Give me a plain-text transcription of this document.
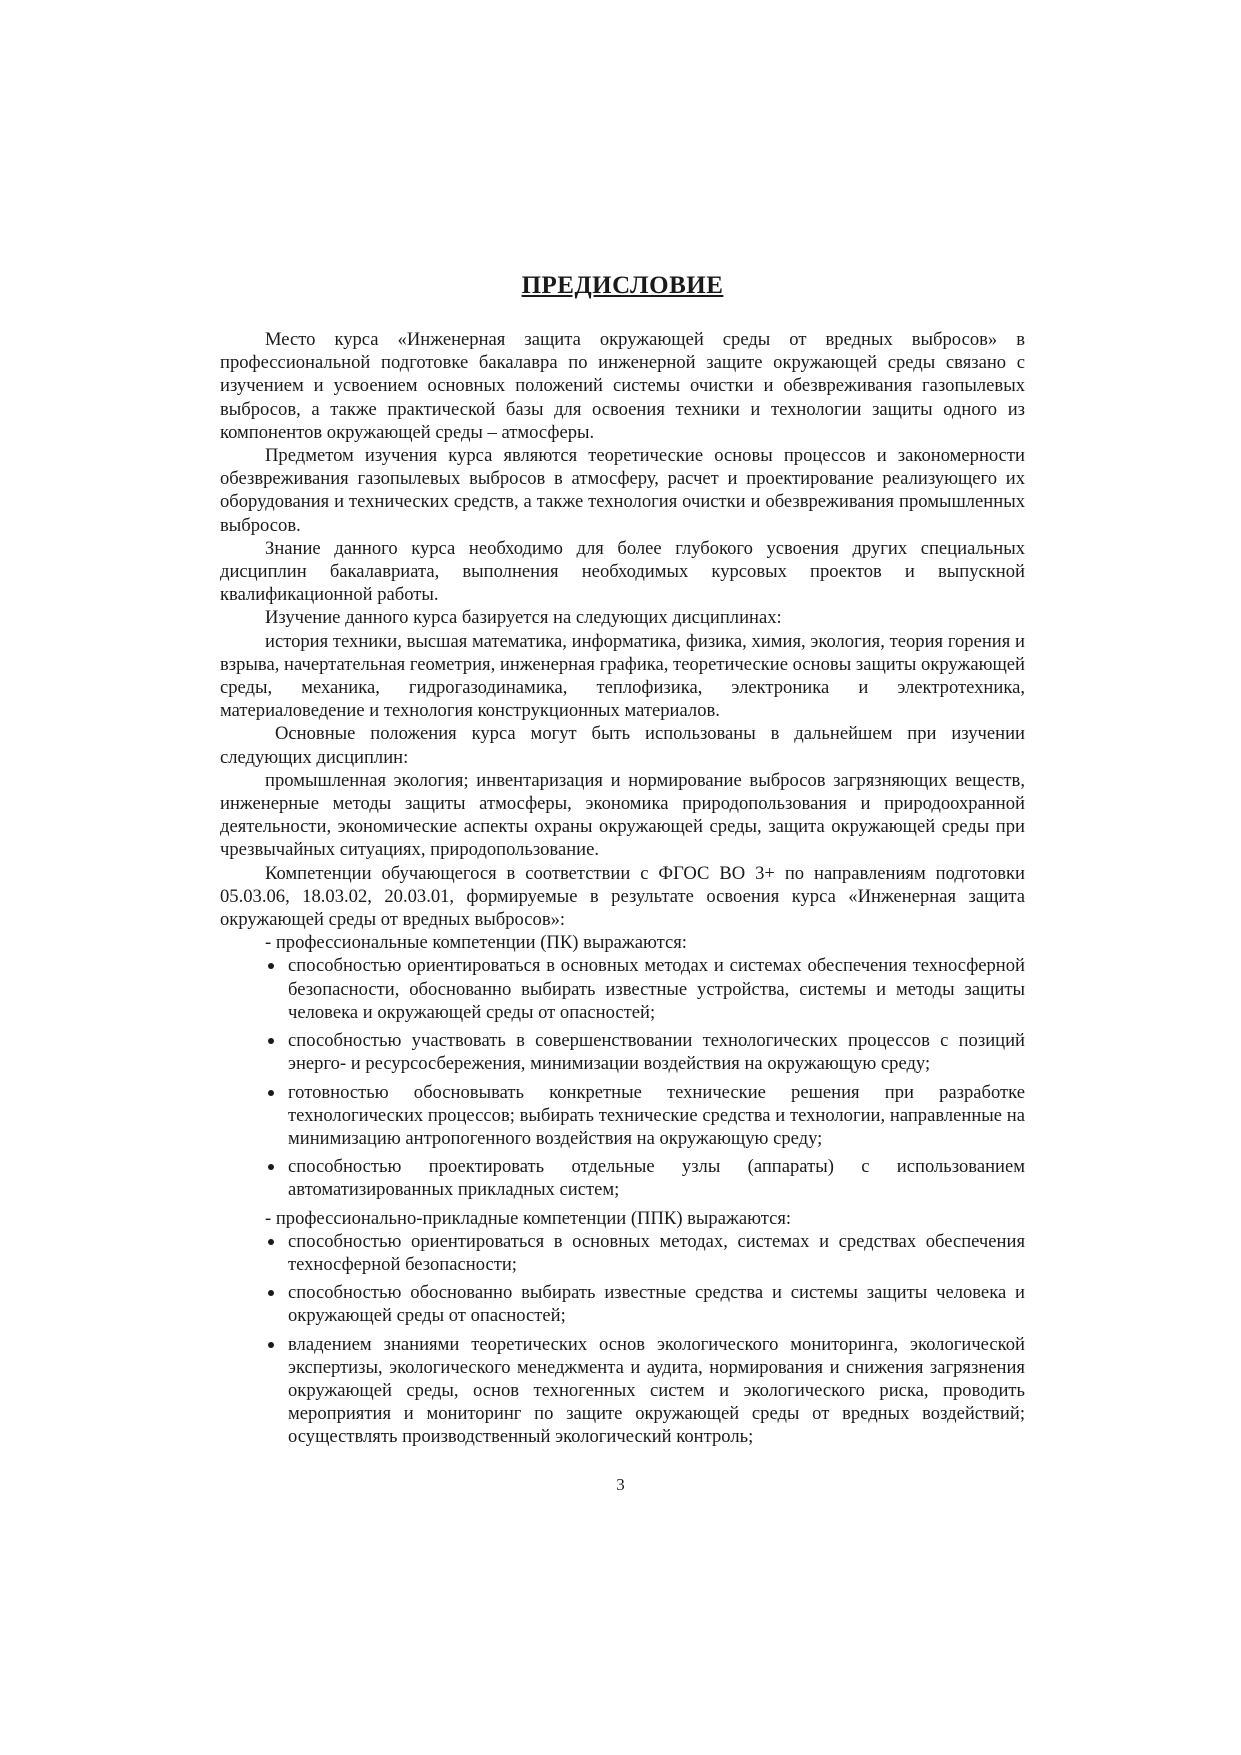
ПРЕДИСЛОВИЕ

Место курса «Инженерная защита окружающей среды от вредных выбросов» в профессиональной подготовке бакалавра по инженерной защите окружающей среды связано с изучением и усвоением основных положений системы очистки и обезвреживания газопылевых выбросов, а также практической базы для освоения техники и технологии защиты одного из компонентов окружающей среды – атмосферы.

Предметом изучения курса являются теоретические основы процессов и закономерности обезвреживания газопылевых выбросов в атмосферу, расчет и проектирование реализующего их оборудования и технических средств, а также технология очистки и обезвреживания промышленных выбросов.

Знание данного курса необходимо для более глубокого усвоения других специальных дисциплин бакалавриата, выполнения необходимых курсовых проектов и выпускной квалификационной работы.

Изучение данного курса базируется на следующих дисциплинах:

история техники, высшая математика, информатика, физика, химия, экология, теория горения и взрыва, начертательная геометрия, инженерная графика, теоретические основы защиты окружающей среды, механика, гидрогазодинамика, теплофизика, электроника и электротехника, материаловедение и технология конструкционных материалов.

Основные положения курса могут быть использованы в дальнейшем при изучении следующих дисциплин:

промышленная экология; инвентаризация и нормирование выбросов загрязняющих веществ, инженерные методы защиты атмосферы, экономика природопользования и природоохранной деятельности, экономические аспекты охраны окружающей среды, защита окружающей среды при чрезвычайных ситуациях, природопользование.

Компетенции обучающегося в соответствии с ФГОС ВО 3+ по направлениям подготовки 05.03.06, 18.03.02, 20.03.01, формируемые в результате освоения курса «Инженерная защита окружающей среды от вредных выбросов»:

- профессиональные компетенции (ПК) выражаются:

способностью ориентироваться в основных методах и системах обеспечения техносферной безопасности, обоснованно выбирать известные устройства, системы и методы защиты человека и окружающей среды от опасностей;
способностью участвовать в совершенствовании технологических процессов с позиций энерго- и ресурсосбережения, минимизации воздействия на окружающую среду;
готовностью обосновывать конкретные технические решения при разработке технологических процессов; выбирать технические средства и технологии, направленные на минимизацию антропогенного воздействия на окружающую среду;
способностью проектировать отдельные узлы (аппараты) с использованием автоматизированных прикладных систем;

- профессионально-прикладные компетенции (ППК) выражаются:

способностью ориентироваться в основных методах, системах и средствах обеспечения техносферной безопасности;
способностью обоснованно выбирать известные средства и системы защиты человека и окружающей среды от опасностей;
владением знаниями теоретических основ экологического мониторинга, экологической экспертизы, экологического менеджмента и аудита, нормирования и снижения загрязнения окружающей среды, основ техногенных систем и экологического риска, проводить мероприятия и мониторинг по защите окружающей среды от вредных воздействий; осуществлять производственный экологический контроль;
3
